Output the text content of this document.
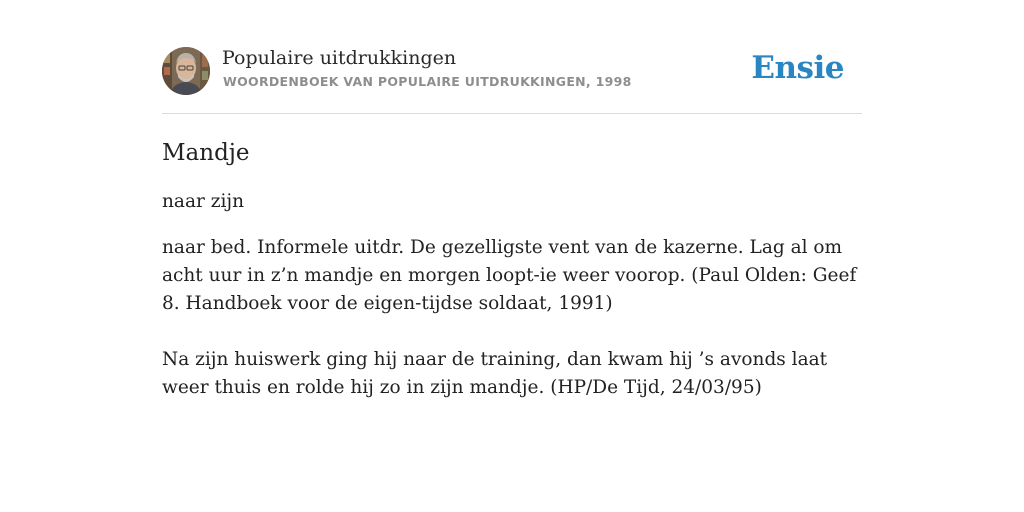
Populaire uitdrukkingen
WOORDENBOEK VAN POPULAIRE UITDRUKKINGEN, 1998	Ensie
Mandje
naar zijn

naar bed. Informele uitdr. De gezelligste vent van de kazerne. Lag al om acht uur in z’n mandje en morgen loopt-ie weer voorop. (Paul Olden: Geef 8. Handboek voor de eigen-tijdse soldaat, 1991)

Na zijn huiswerk ging hij naar de training, dan kwam hij ’s avonds laat weer thuis en rolde hij zo in zijn mandje. (HP/De Tijd, 24/03/95)
